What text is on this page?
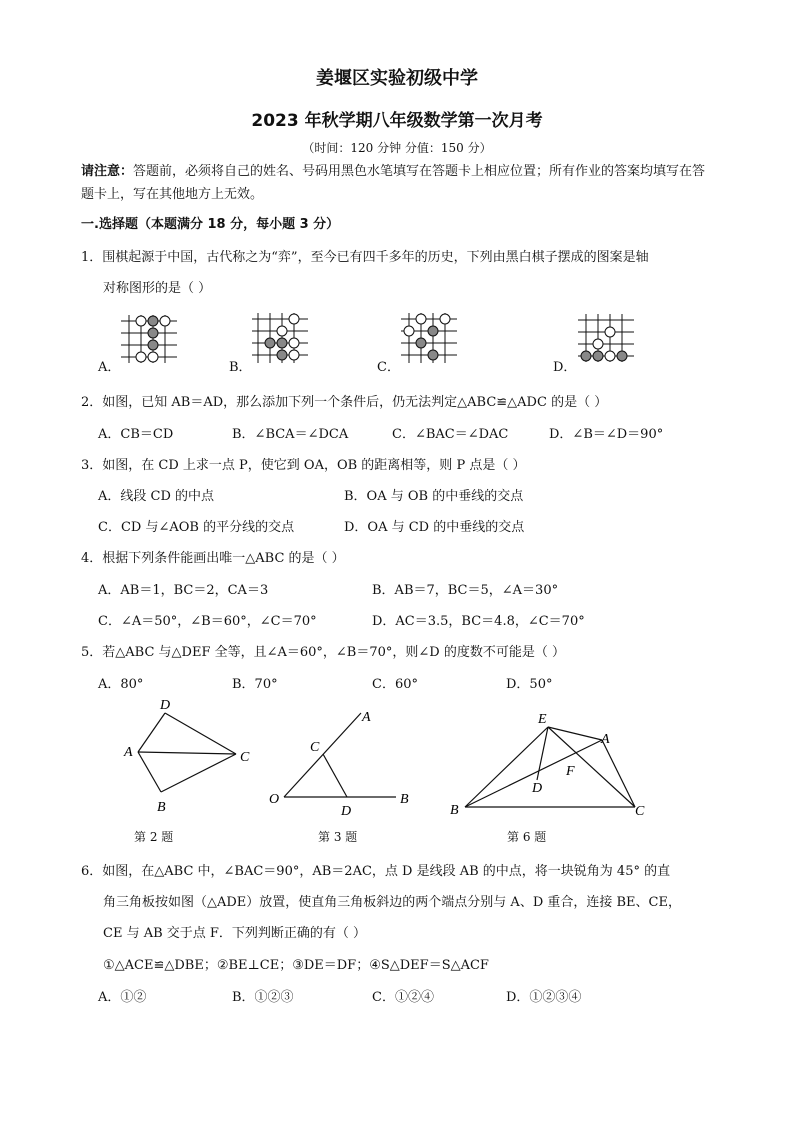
姜堰区实验初级中学
2023 年秋学期八年级数学第一次月考
（时间：120 分钟 分值：150 分）
请注意：答题前，必须将自己的姓名、号码用黑色水笔填写在答题卡上相应位置；所有作业的答案均填写在答题卡上，写在其他地方上无效。
一.选择题（本题满分 18 分，每小题 3 分）
1．围棋起源于中国，古代称之为“弈”，至今已有四千多年的历史，下列由黑白棋子摆成的图案是轴
对称图形的是（ ）
A．	B．	C．	D．
2．如图，已知 AB＝AD，那么添加下列一个条件后，仍无法判定△ABC≌△ADC 的是（ ）
A．CB＝CD	B．∠BCA＝∠DCA	C．∠BAC＝∠DAC	D．∠B＝∠D＝90°
3．如图，在 CD 上求一点 P，使它到 OA，OB 的距离相等，则 P 点是（ ）
A．线段 CD 的中点	B．OA 与 OB 的中垂线的交点
C．CD 与∠AOB 的平分线的交点	D．OA 与 CD 的中垂线的交点
4．根据下列条件能画出唯一△ABC 的是（ ）
A．AB＝1，BC＝2，CA＝3	B．AB＝7，BC＝5，∠A＝30°
C．∠A＝50°，∠B＝60°，∠C＝70°	D．AC＝3.5，BC＝4.8，∠C＝70°
5．若△ABC 与△DEF 全等，且∠A＝60°，∠B＝70°，则∠D 的度数不可能是（ ）
A．80°	B．70°	C．60°	D．50°
D
A	C
B
第 2 题
A
C
O
D
B
第 3 题
E
A
F
D
B	C
第 6 题
6．如图，在△ABC 中，∠BAC＝90°，AB＝2AC，点 D 是线段 AB 的中点，将一块锐角为 45° 的直
角三角板按如图（△ADE）放置，使直角三角板斜边的两个端点分别与 A、D 重合，连接 BE、CE，
CE 与 AB 交于点 F．下列判断正确的有（ ）
①△ACE≌△DBE；②BE⊥CE；③DE＝DF；④S△DEF＝S△ACF
A．①②	B．①②③	C．①②④	D．①②③④
